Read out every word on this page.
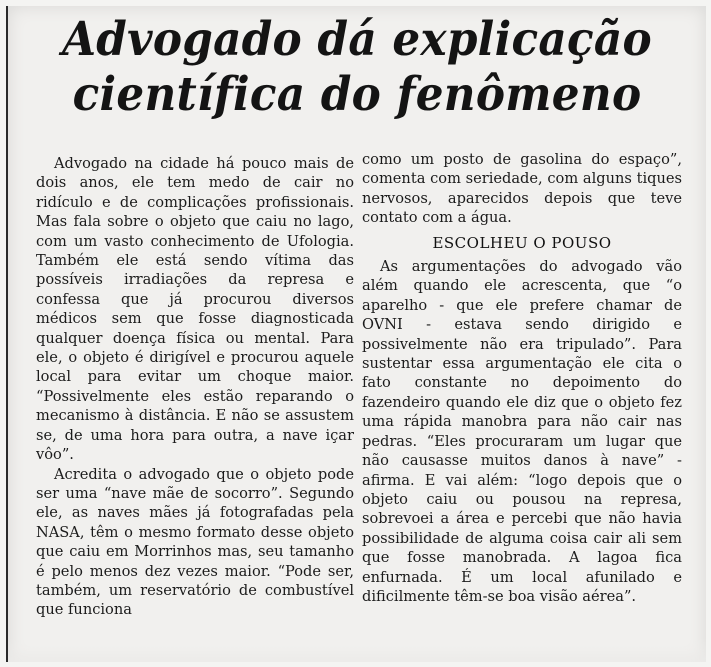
Advogado dá explicação
científica do fenômeno

Advogado na cidade há pouco mais de dois anos, ele tem medo de cair no ridículo e de complicações profissionais. Mas fala sobre o objeto que caiu no lago, com um vasto conhecimento de Ufologia. Também ele está sendo vítima das possíveis irradiações da represa e confessa que já procurou diversos médicos sem que fosse diagnosticada qualquer doença física ou mental. Para ele, o objeto é dirigível e procurou aquele local para evitar um choque maior. “Possivelmente eles estão reparando o mecanismo à distância. E não se assustem se, de uma hora para outra, a nave içar vôo”.

Acredita o advogado que o objeto pode ser uma “nave mãe de socorro”. Segundo ele, as naves mães já fotografadas pela NASA, têm o mesmo formato desse objeto que caiu em Morrinhos mas, seu tamanho é pelo menos dez vezes maior. “Pode ser, também, um reservatório de combustível que funciona

como um posto de gasolina do espaço”, comenta com seriedade, com alguns tiques nervosos, aparecidos depois que teve contato com a água.

ESCOLHEU O POUSO

As argumentações do advogado vão além quando ele acrescenta, que “o aparelho - que ele prefere chamar de OVNI - estava sendo dirigido e possivelmente não era tripulado”. Para sustentar essa argumentação ele cita o fato constante no depoimento do fazendeiro quando ele diz que o objeto fez uma rápida manobra para não cair nas pedras. “Eles procuraram um lugar que não causasse muitos danos à nave” - afirma. E vai além: “logo depois que o objeto caiu ou pousou na represa, sobrevoei a área e percebi que não havia possibilidade de alguma coisa cair ali sem que fosse manobrada. A lagoa fica enfurnada. É um local afunilado e dificilmente têm-se boa visão aérea”.
